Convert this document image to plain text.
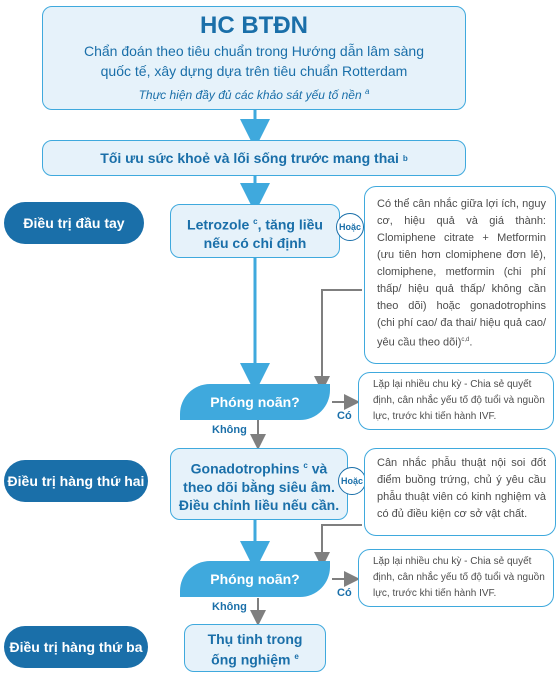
HC BTĐN
Chẩn đoán theo tiêu chuẩn trong Hướng dẫn lâm sàng
quốc tế, xây dựng dựa trên tiêu chuẩn Rotterdam
Thực hiện đầy đủ các khảo sát yếu tố nền $^a$
Tối ưu sức khoẻ và lối sống trước mang thai
b
Điều trị đầu tay
Điều trị hàng thứ hai
Điều trị hàng thứ ba
Letrozole $^c$, tăng liều
nếu có chỉ định
Hoặc
Có thể cân nhắc giữa lợi ích, nguy cơ, hiệu quả và giá thành: Clomiphene citrate + Metformin (ưu tiên hơn clomiphene đơn lẻ), clomiphene, metformin (chi phí thấp/ hiệu quả thấp/ không cần theo dõi) hoặc gonadotrophins (chi phí cao/ đa thai/ hiệu quả cao/ yêu cầu theo dõi)$^{c,d}$.
Phóng noãn?
Không
Có
Lặp lại nhiều chu kỳ - Chia sẻ quyết định, cân nhắc yếu tố độ tuổi và nguồn lực, trước khi tiến hành IVF.
Gonadotrophins $^c$ và
theo dõi bằng siêu âm.
Điều chỉnh liều nếu cần.
Hoặc
Cân nhắc phẫu thuật nội soi đốt điểm buồng trứng, chủ ý yêu cầu phẫu thuật viên có kinh nghiệm và có đủ điều kiện cơ sở vật chất.
Phóng noãn?
Không
Có
Lặp lại nhiều chu kỳ - Chia sẻ quyết định, cân nhắc yếu tố độ tuổi và nguồn lực, trước khi tiến hành IVF.
Thụ tinh trong
ống nghiệm $^e$
